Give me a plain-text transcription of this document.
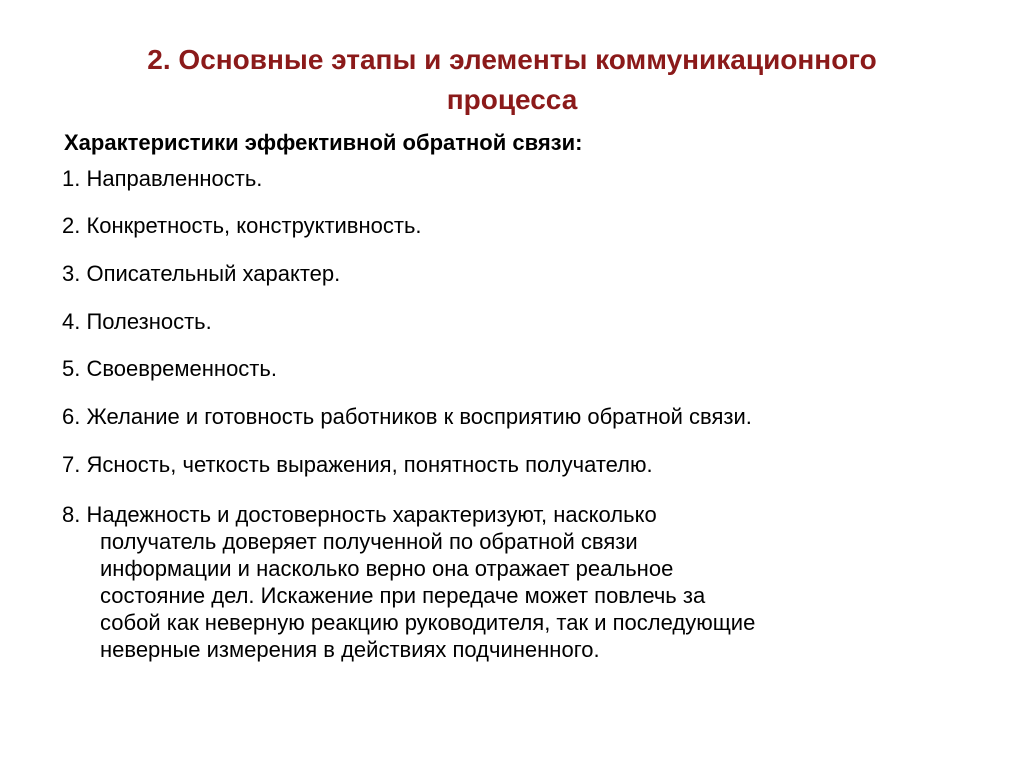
2. Основные этапы и элементы коммуникационного
процесса
Характеристики эффективной обратной связи:
1. Направленность.
2. Конкретность, конструктивность.
3. Описательный характер.
4. Полезность.
5. Своевременность.
6. Желание и готовность работников к восприятию обратной связи.
7. Ясность, четкость выражения, понятность получателю.
8. Надежность и достоверность характеризуют, насколько
получатель доверяет полученной по обратной связи
информации и насколько верно она отражает реальное
состояние дел. Искажение при передаче может повлечь за
собой как неверную реакцию руководителя, так и последующие
неверные измерения в действиях подчиненного.
